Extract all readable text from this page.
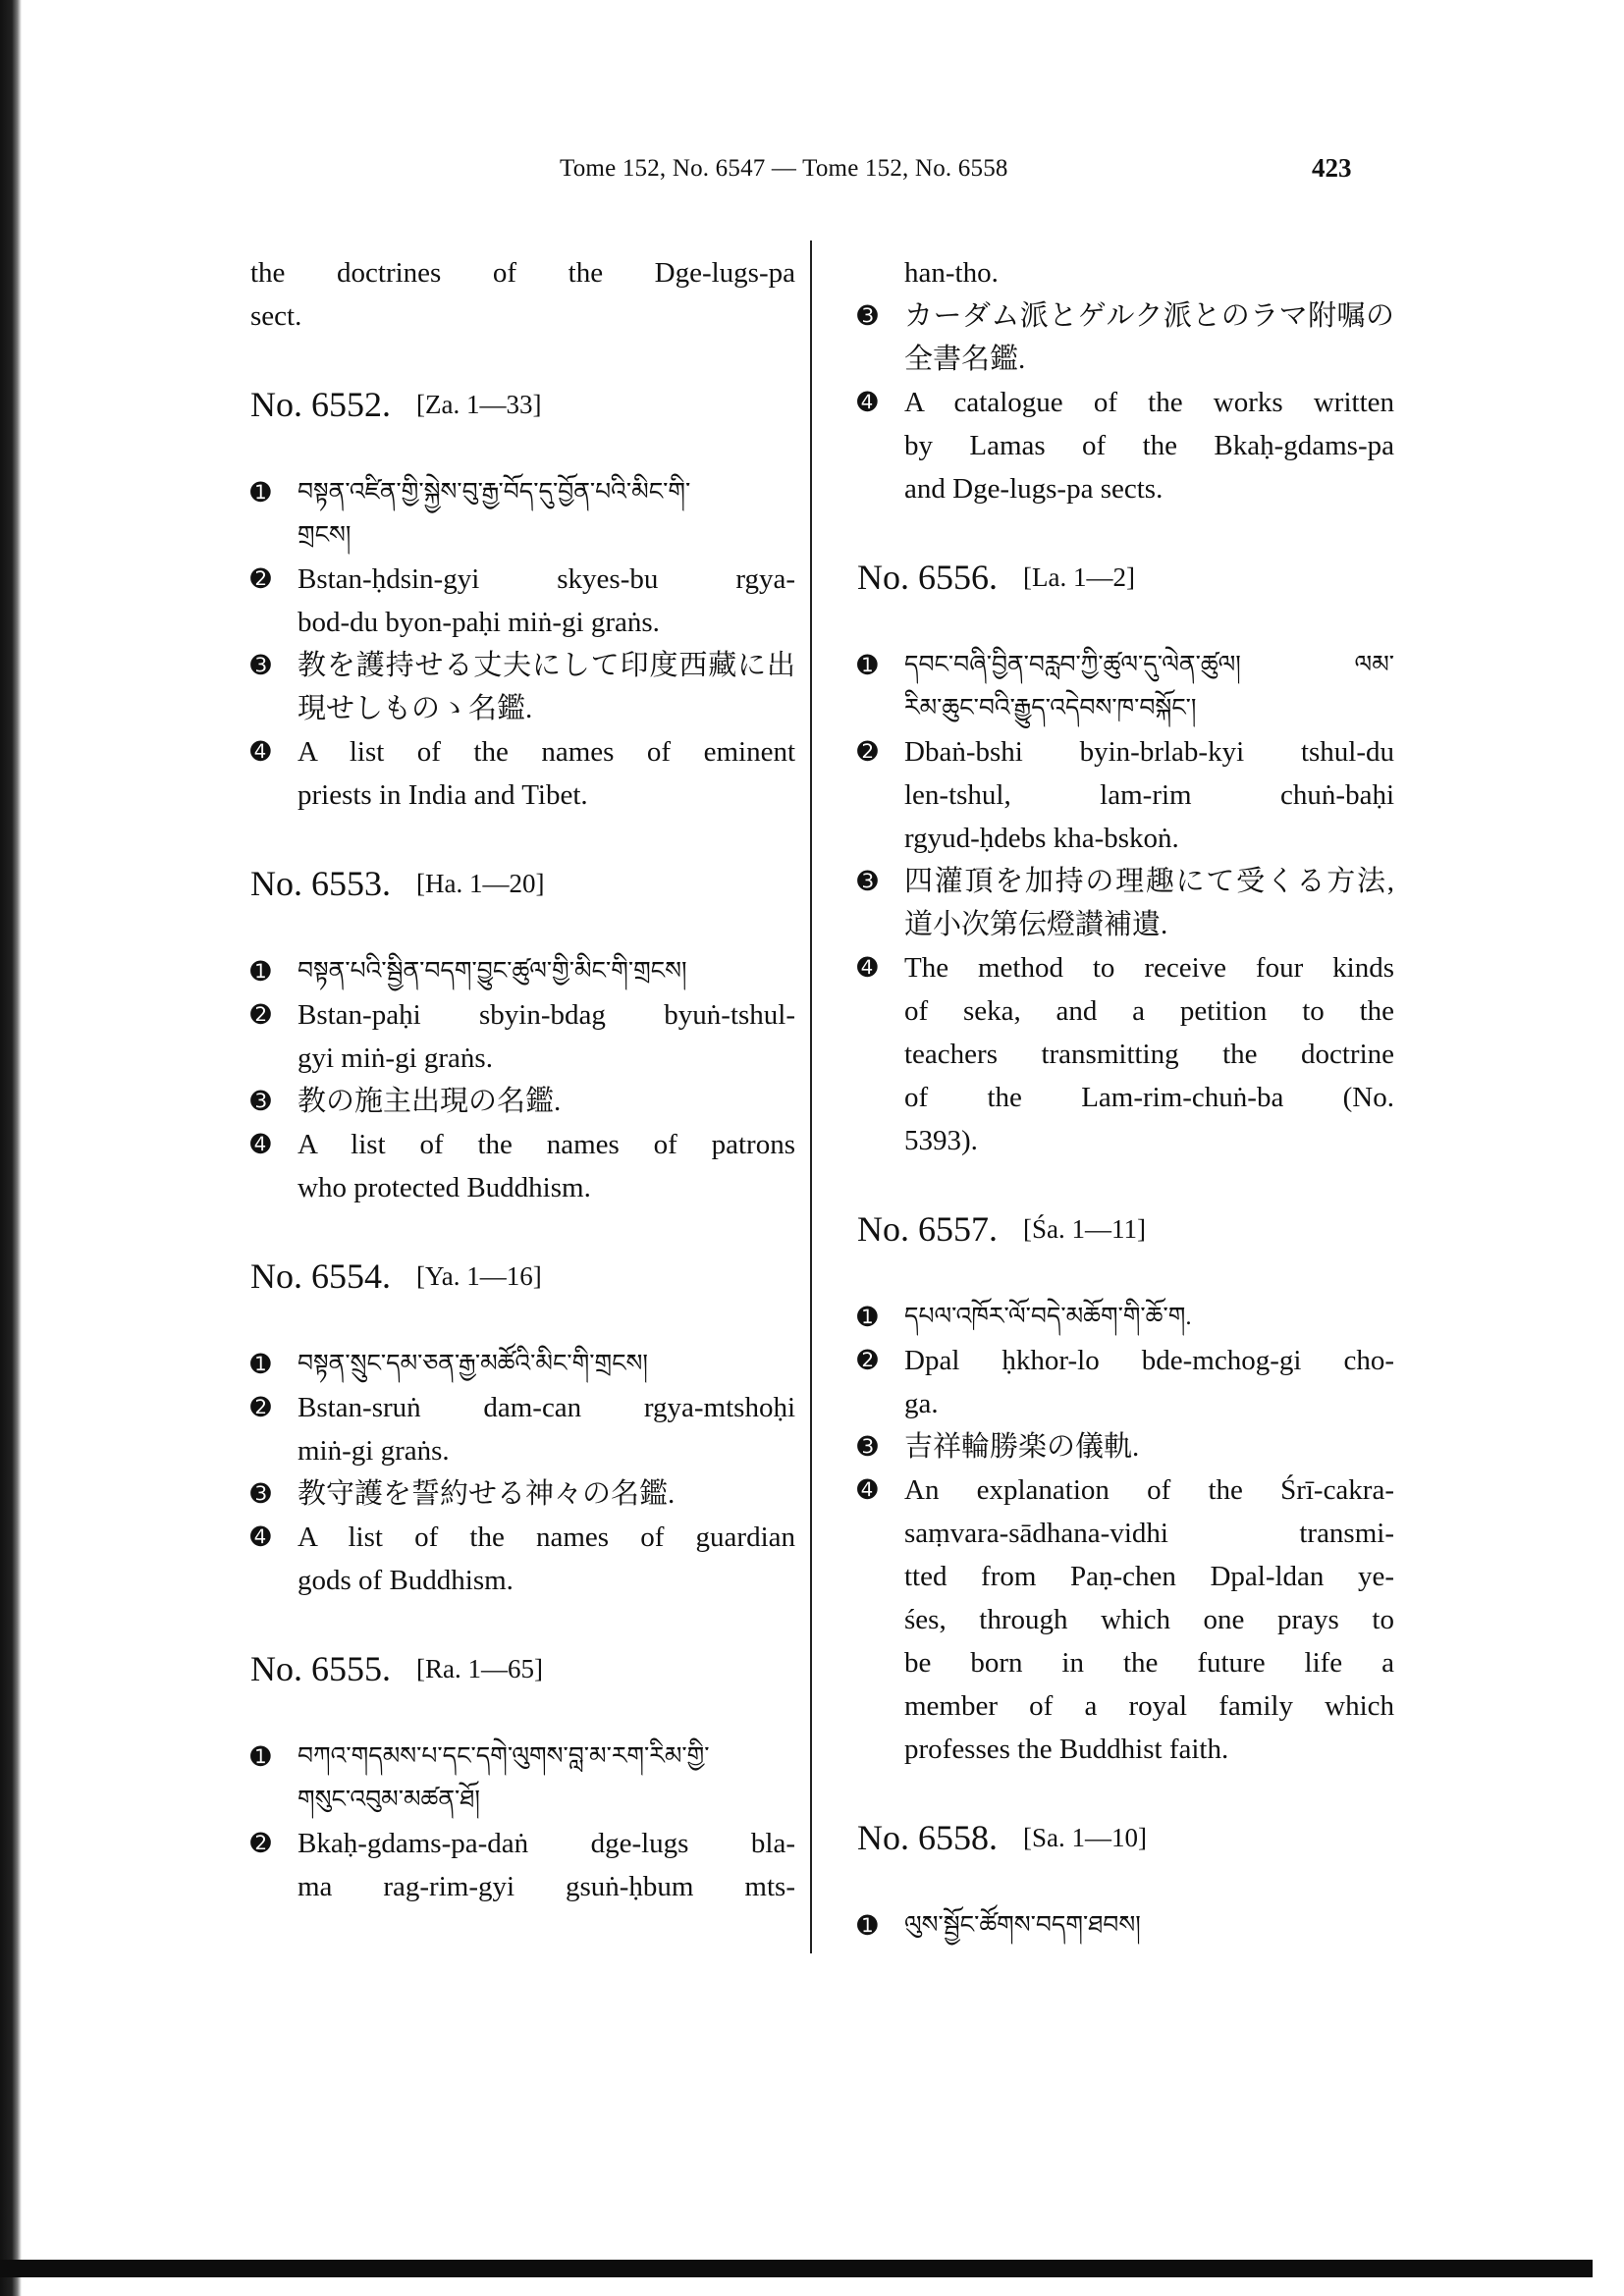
Tome 152, No. 6547 — Tome 152, No. 6558	423
the doctrines of the Dge-lugs-pa
sect.
No. 6552. [Za. 1—33]
➊ བསྟན་འཛིན་གྱི་སྐྱེས་བུ་རྒྱ་བོད་དུ་བྱོན་པའི་མིང་གི་
གྲངས།
➋ Bstan-ḥdsin-gyi skyes-bu rgya-
bod-du byon-paḥi miṅ-gi graṅs.
➌ 教を護持せる丈夫にして印度西藏に出
現せしものゝ名鑑.
➍ A list of the names of eminent
priests in India and Tibet.
No. 6553. [Ha. 1—20]
➊ བསྟན་པའི་སྦྱིན་བདག་བྱུང་ཚུལ་གྱི་མིང་གི་གྲངས།
➋ Bstan-paḥi sbyin-bdag byuṅ-tshul-
gyi miṅ-gi graṅs.
➌ 教の施主出現の名鑑.
➍ A list of the names of patrons
who protected Buddhism.
No. 6554. [Ya. 1—16]
➊ བསྟན་སྲུང་དམ་ཅན་རྒྱ་མཚོའི་མིང་གི་གྲངས།
➋ Bstan-sruṅ dam-can rgya-mtshoḥi
miṅ-gi graṅs.
➌ 教守護を誓約せる神々の名鑑.
➍ A list of the names of guardian
gods of Buddhism.
No. 6555. [Ra. 1—65]
➊ བཀའ་གདམས་པ་དང་དགེ་ལུགས་བླ་མ་རག་རིམ་གྱི་
གསུང་འབུམ་མཚན་ཐོ།
➋ Bkaḥ-gdams-pa-daṅ dge-lugs bla-
ma rag-rim-gyi gsuṅ-ḥbum mts-
han-tho.
➌ カーダム派とゲルク派とのラマ附嘱の
全書名鑑.
➍ A catalogue of the works written
by Lamas of the Bkaḥ-gdams-pa
and Dge-lugs-pa sects.
No. 6556. [La. 1—2]
➊ དབང་བཞི་བྱིན་བརླབ་ཀྱི་ཚུལ་དུ་ལེན་ཚུལ། ལམ་
རིམ་ཆུང་བའི་རྒྱུད་འདེབས་ཁ་བསྐོང་།
➋ Dbaṅ-bshi byin-brlab-kyi tshul-du
len-tshul, lam-rim chuṅ-baḥi
rgyud-ḥdebs kha-bskoṅ.
➌ 四灌頂を加持の理趣にて受くる方法,
道小次第伝燈讃補遺.
➍ The method to receive four kinds
of seka, and a petition to the
teachers transmitting the doctrine
of the Lam-rim-chuṅ-ba (No.
5393).
No. 6557. [Śa. 1—11]
➊ དཔལ་འཁོར་ལོ་བདེ་མཆོག་གི་ཆོ་ག.
➋ Dpal ḥkhor-lo bde-mchog-gi cho-
ga.
➌ 吉祥輪勝楽の儀軌.
➍ An explanation of the Śrī-cakra-
saṃvara-sādhana-vidhi transmi-
tted from Paṇ-chen Dpal-ldan ye-
śes, through which one prays to
be born in the future life a
member of a royal family which
professes the Buddhist faith.
No. 6558. [Sa. 1—10]
➊ ལུས་སྦྱོང་ཚོགས་བདག་ཐབས།
